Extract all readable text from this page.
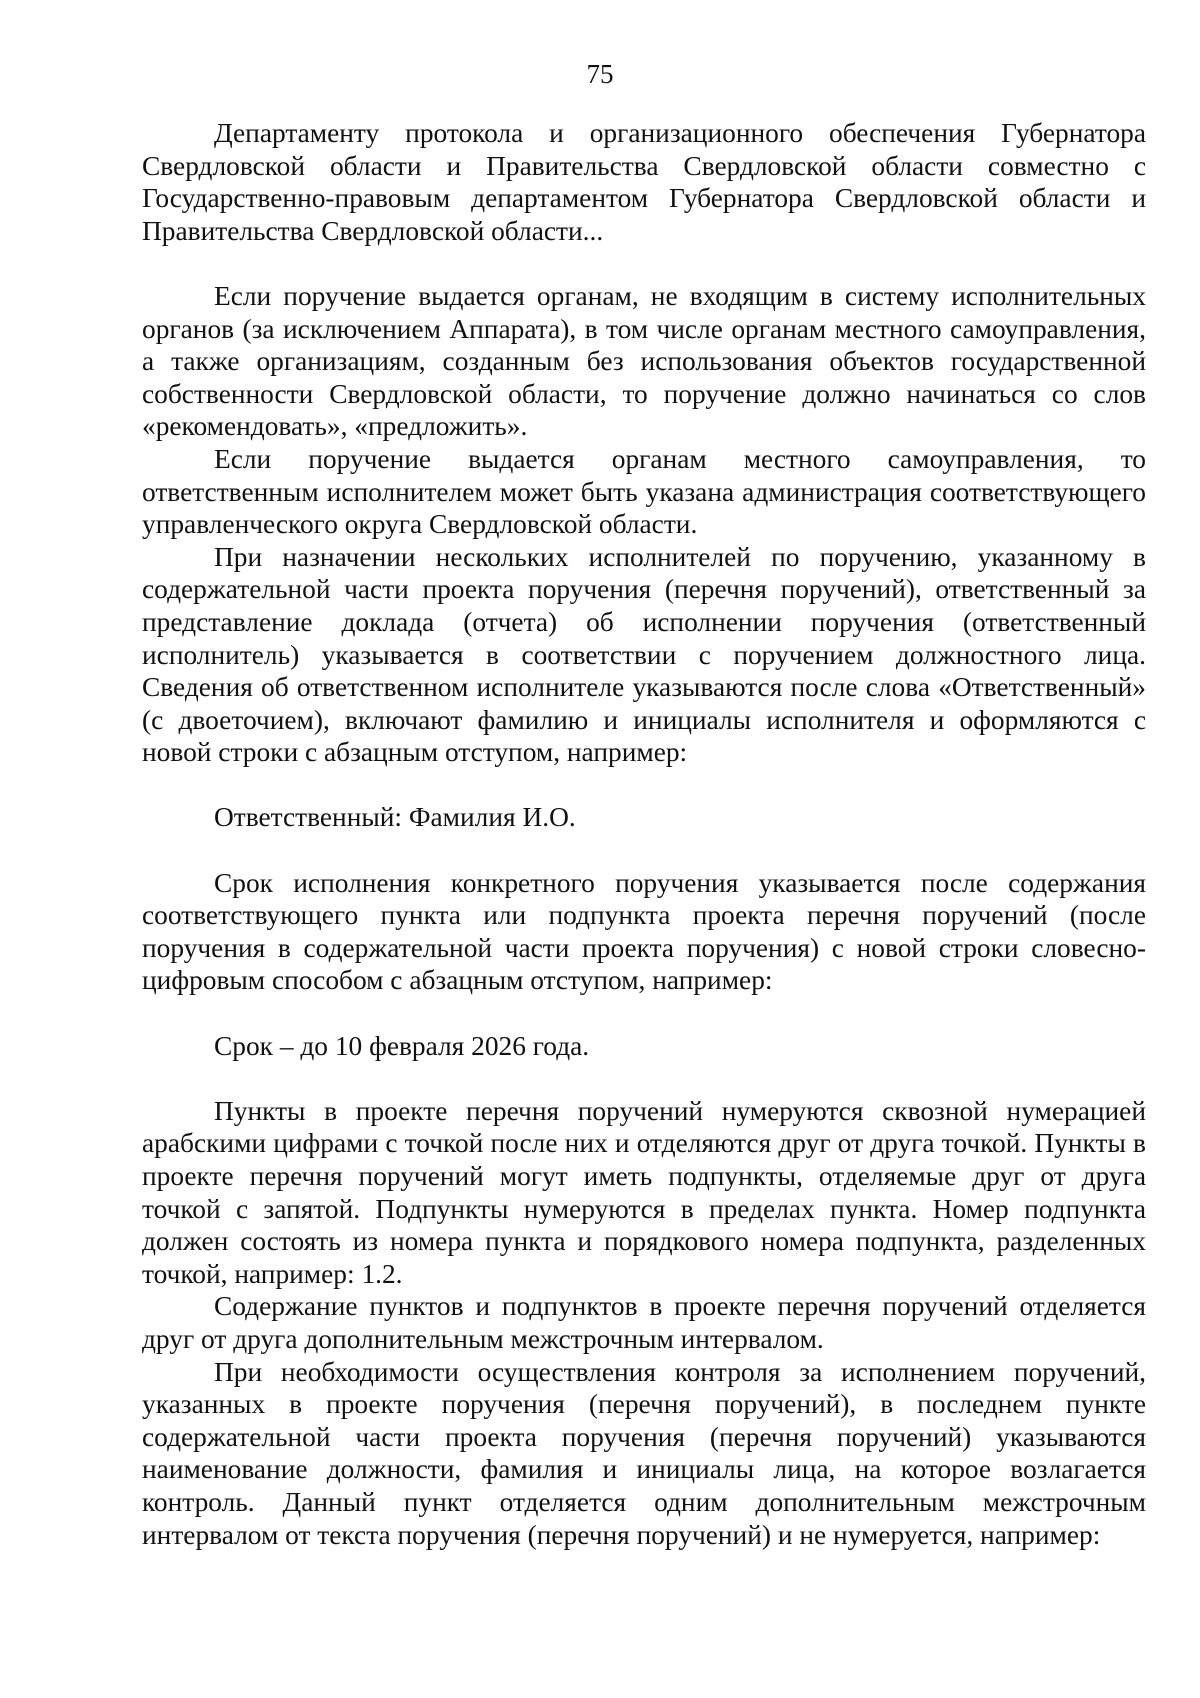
75

Департаменту протокола и организационного обеспечения Губернатора Свердловской области и Правительства Свердловской области совместно с Государственно-правовым департаментом Губернатора Свердловской области и Правительства Свердловской области...

Если поручение выдается органам, не входящим в систему исполнительных органов (за исключением Аппарата), в том числе органам местного самоуправления, а также организациям, созданным без использования объектов государственной собственности Свердловской области, то поручение должно начинаться со слов «рекомендовать», «предложить».

Если поручение выдается органам местного самоуправления, то ответственным исполнителем может быть указана администрация соответствующего управленческого округа Свердловской области.

При назначении нескольких исполнителей по поручению, указанному в содержательной части проекта поручения (перечня поручений), ответственный за представление доклада (отчета) об исполнении поручения (ответственный исполнитель) указывается в соответствии с поручением должностного лица. Сведения об ответственном исполнителе указываются после слова «Ответственный» (с двоеточием), включают фамилию и инициалы исполнителя и оформляются с новой строки с абзацным отступом, например:

Ответственный: Фамилия И.О.

Срок исполнения конкретного поручения указывается после содержания соответствующего пункта или подпункта проекта перечня поручений (после поручения в содержательной части проекта поручения) с новой строки словесно-цифровым способом с абзацным отступом, например:

Срок – до 10 февраля 2026 года.

Пункты в проекте перечня поручений нумеруются сквозной нумерацией арабскими цифрами с точкой после них и отделяются друг от друга точкой. Пункты в проекте перечня поручений могут иметь подпункты, отделяемые друг от друга точкой с запятой. Подпункты нумеруются в пределах пункта. Номер подпункта должен состоять из номера пункта и порядкового номера подпункта, разделенных точкой, например: 1.2.

Содержание пунктов и подпунктов в проекте перечня поручений отделяется друг от друга дополнительным межстрочным интервалом.

При необходимости осуществления контроля за исполнением поручений, указанных в проекте поручения (перечня поручений), в последнем пункте содержательной части проекта поручения (перечня поручений) указываются наименование должности, фамилия и инициалы лица, на которое возлагается контроль. Данный пункт отделяется одним дополнительным межстрочным интервалом от текста поручения (перечня поручений) и не нумеруется, например:
